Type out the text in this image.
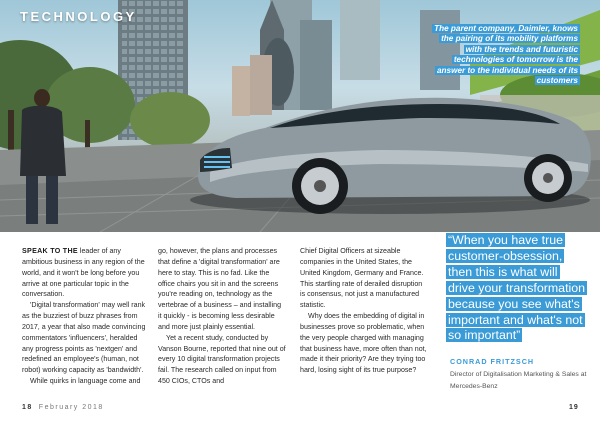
TECHNOLOGY
The parent company, Daimler, knows the pairing of its mobility platforms with the trends and futuristic technologies of tomorrow is the answer to the individual needs of its customers

SPEAK TO THE leader of any ambitious business in any region of the world, and it won't be long before you arrive at one particular topic in the conversation.

'Digital transformation' may well rank as the buzziest of buzz phrases from 2017, a year that also made convincing commentators 'influencers', heralded any progress points as 'nextgen' and redefined an employee's (human, not robot) working capacity as 'bandwidth'.

While quirks in language come and

go, however, the plans and processes that define a 'digital transformation' are here to stay. This is no fad. Like the office chairs you sit in and the screens you're reading on, technology as the vertebrae of a business – and installing it quickly - is becoming less desirable and more just plainly essential.

Yet a recent study, conducted by Vanson Bourne, reported that nine out of every 10 digital transformation projects fail. The research called on input from 450 CIOs, CTOs and

Chief Digital Officers at sizeable companies in the United States, the United Kingdom, Germany and France. This startling rate of derailed disruption is consensus, not just a manufactured statistic.

Why does the embedding of digital in businesses prove so problematic, when the very people charged with managing that business have, more often than not, made it their priority? Are they trying too hard, losing sight of its true purpose?

“When you have true customer-obsession, then this is what will drive your transformation because you see what's important and what's not so important”
CONRAD FRITZSCH
Director of Digitalisation Marketing & Sales at Mercedes-Benz
18 February 2018	19
